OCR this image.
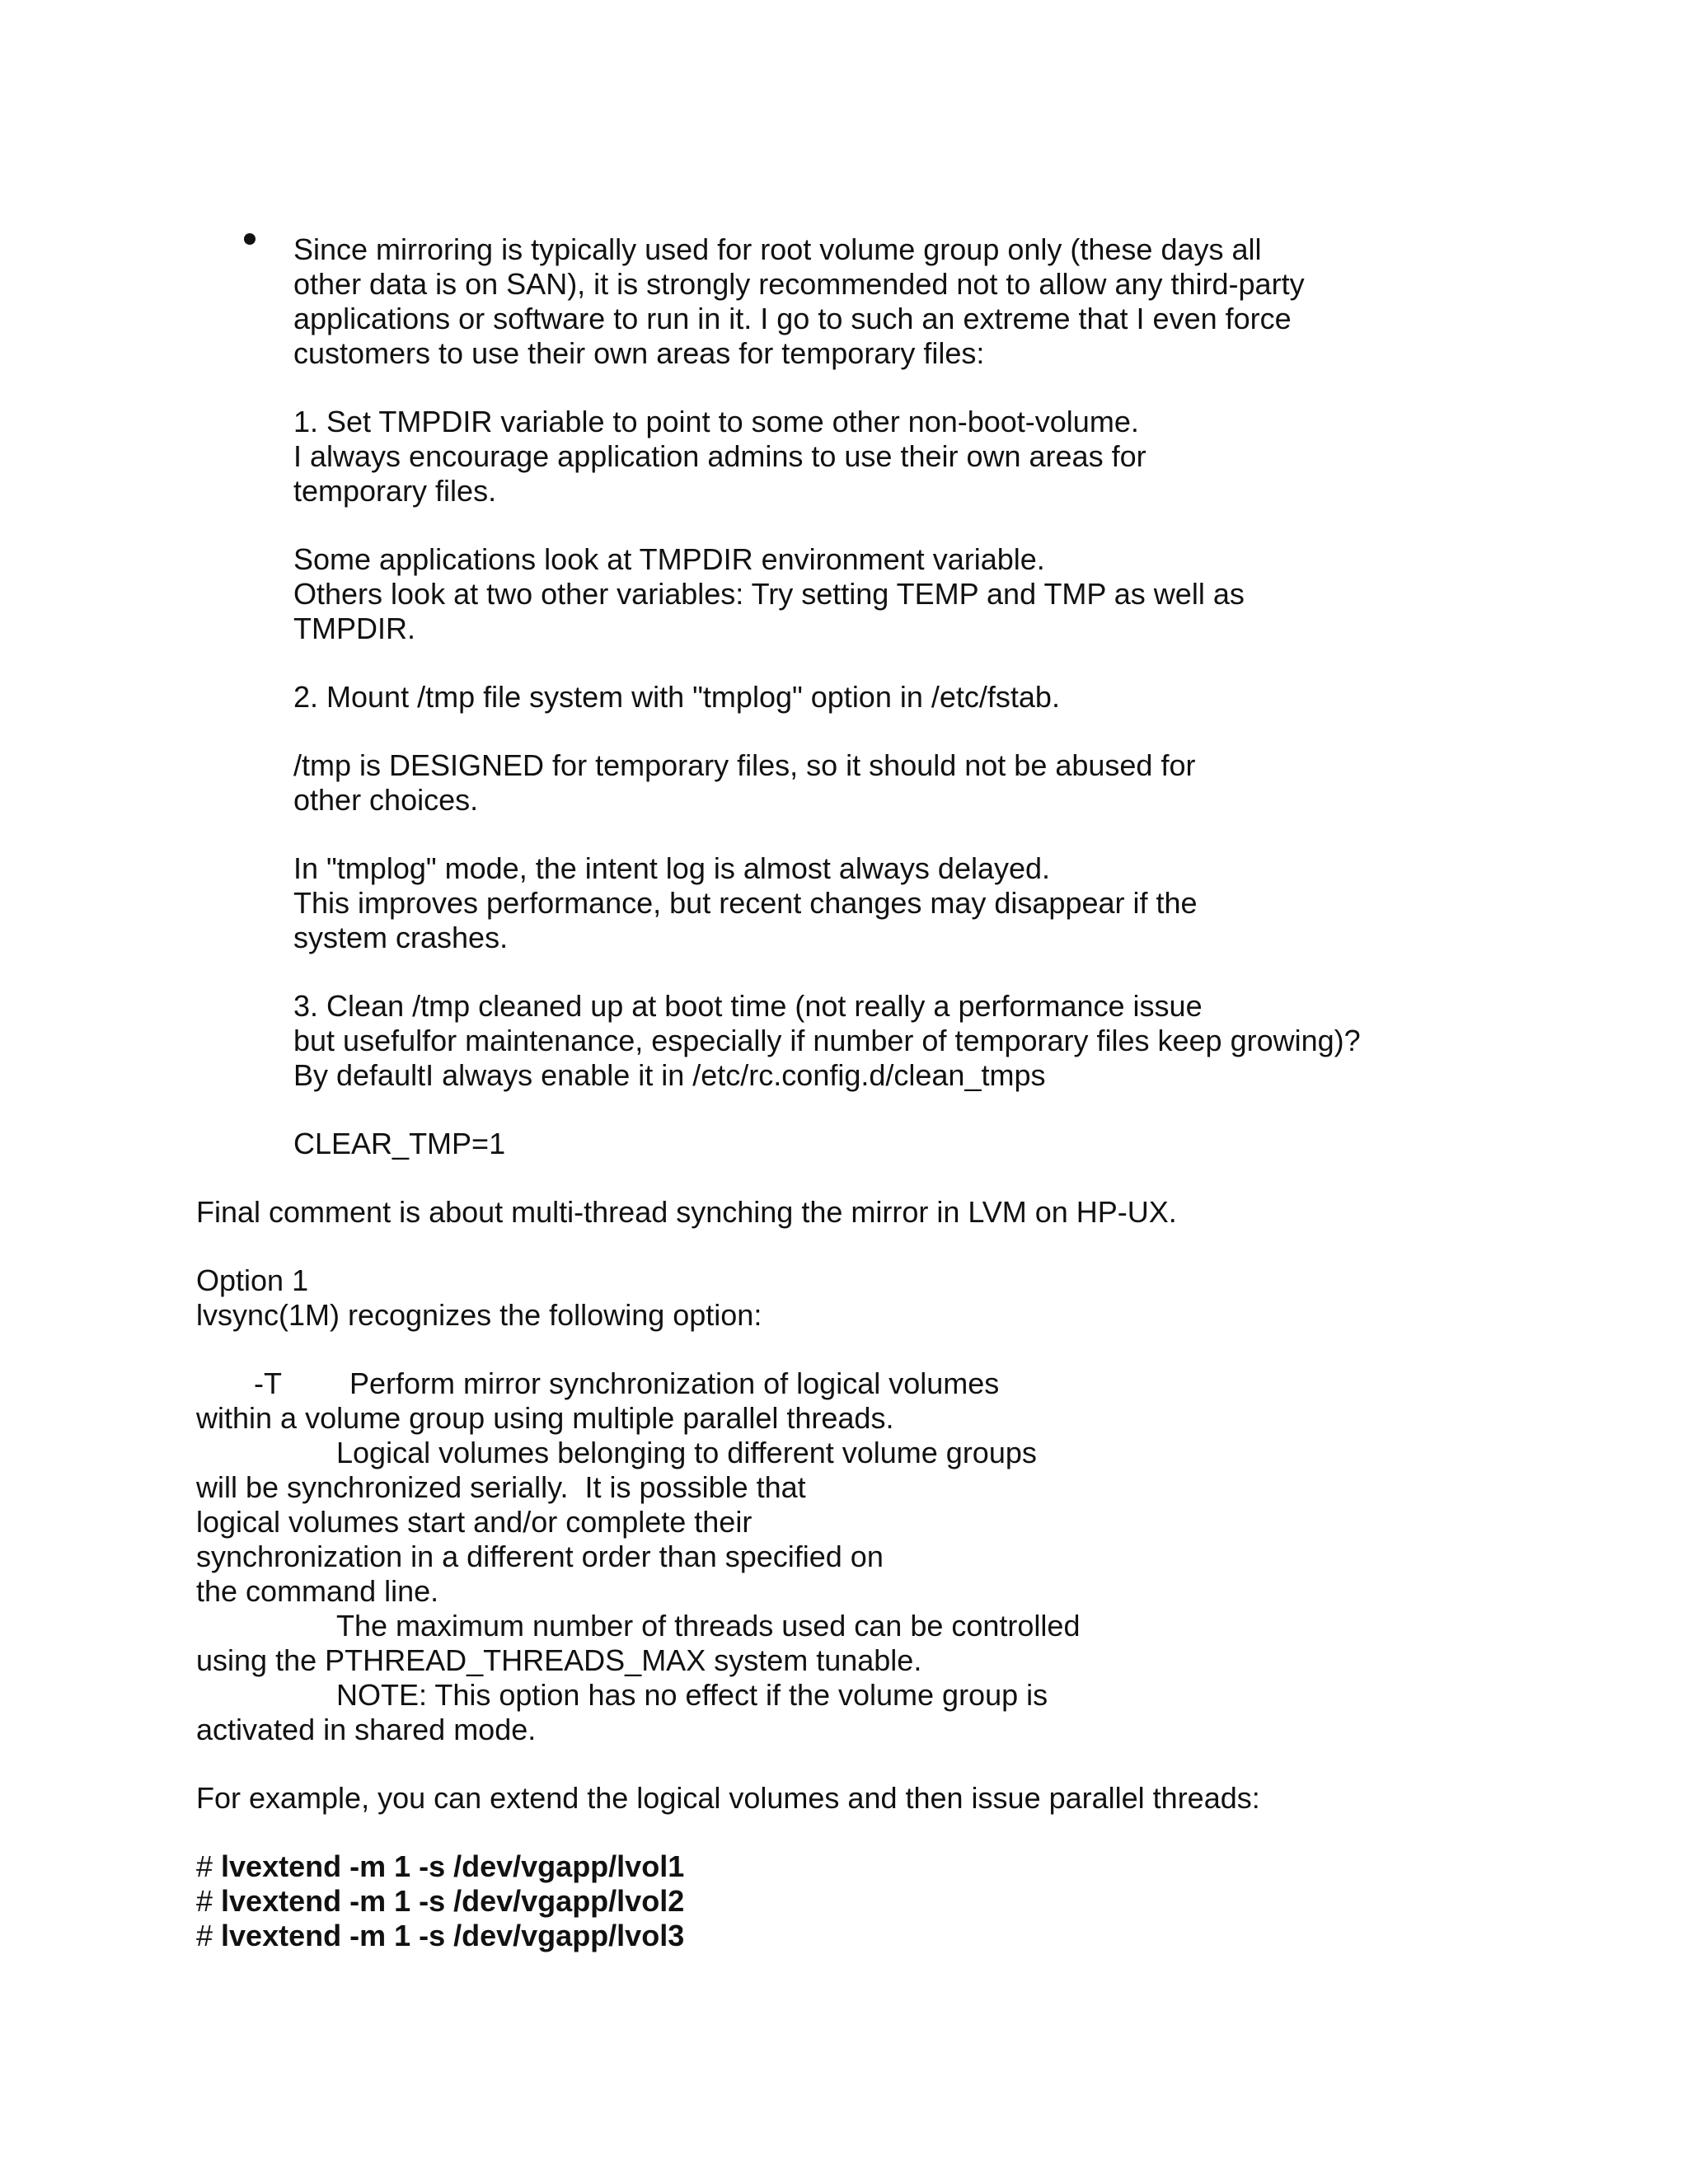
Since mirroring is typically used for root volume group only (these days all

other data is on SAN), it is strongly recommended not to allow any third-party

applications or software to run in it. I go to such an extreme that I even force

customers to use their own areas for temporary files:

1. Set TMPDIR variable to point to some other non-boot-volume.

I always encourage application admins to use their own areas for

temporary files.

Some applications look at TMPDIR environment variable.

Others look at two other variables: Try setting TEMP and TMP as well as

TMPDIR.

2. Mount /tmp file system with "tmplog" option in /etc/fstab.

/tmp is DESIGNED for temporary files, so it should not be abused for

other choices.

In "tmplog" mode, the intent log is almost always delayed.

This improves performance, but recent changes may disappear if the

system crashes.

3. Clean /tmp cleaned up at boot time (not really a performance issue

but usefulfor maintenance, especially if number of temporary files keep growing)?

By defaultI always enable it in /etc/rc.config.d/clean_tmps

CLEAR_TMP=1

Final comment is about multi-thread synching the mirror in LVM on HP-UX.

Option 1

lvsync(1M) recognizes the following option:

-T Perform mirror synchronization of logical volumes

within a volume group using multiple parallel threads.

Logical volumes belonging to different volume groups

will be synchronized serially.  It is possible that

logical volumes start and/or complete their

synchronization in a different order than specified on

the command line.

The maximum number of threads used can be controlled

using the PTHREAD_THREADS_MAX system tunable.

NOTE: This option has no effect if the volume group is

activated in shared mode.

For example, you can extend the logical volumes and then issue parallel threads:

# lvextend -m 1 -s /dev/vgapp/lvol1

# lvextend -m 1 -s /dev/vgapp/lvol2

# lvextend -m 1 -s /dev/vgapp/lvol3
